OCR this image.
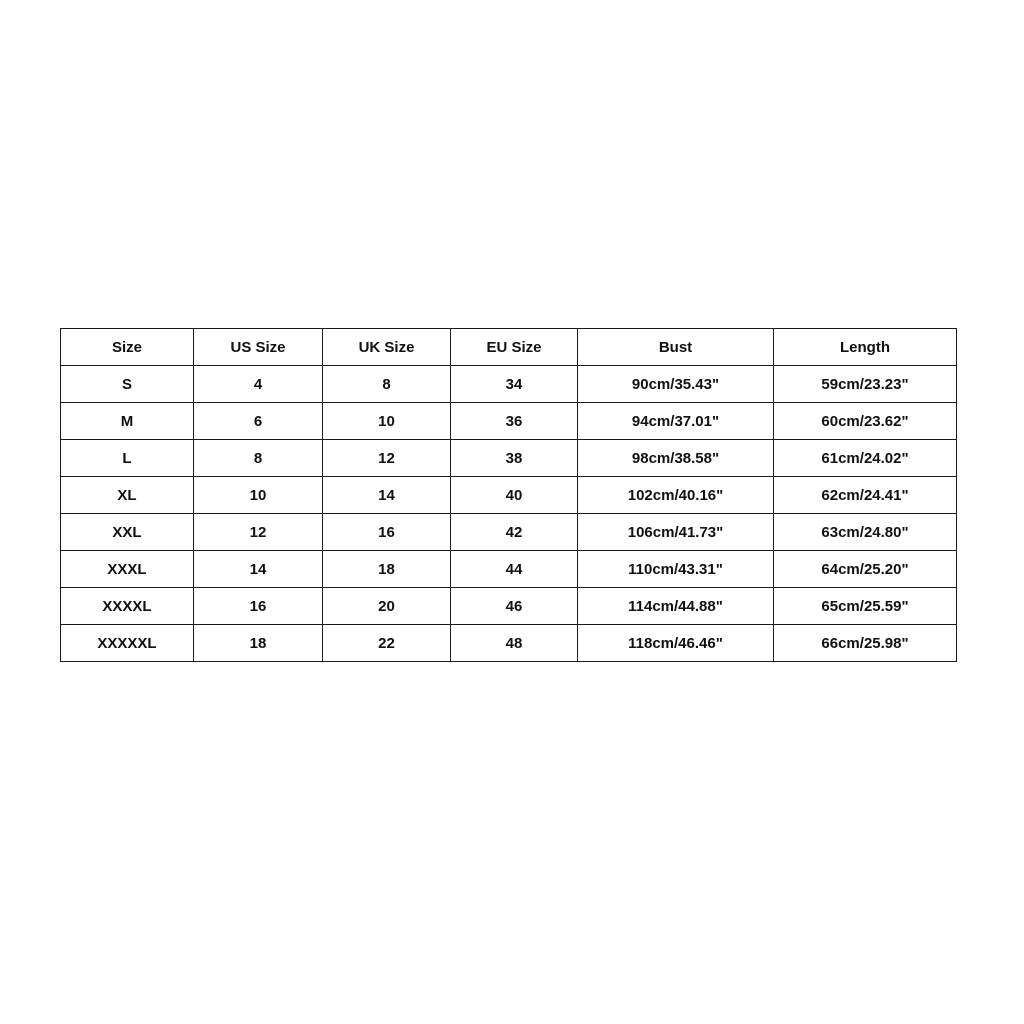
Size	US Size	UK Size	EU Size	Bust	Length
S	4	8	34	90cm/35.43"	59cm/23.23"
M	6	10	36	94cm/37.01"	60cm/23.62"
L	8	12	38	98cm/38.58"	61cm/24.02"
XL	10	14	40	102cm/40.16"	62cm/24.41"
XXL	12	16	42	106cm/41.73"	63cm/24.80"
XXXL	14	18	44	110cm/43.31"	64cm/25.20"
XXXXL	16	20	46	114cm/44.88"	65cm/25.59"
XXXXXL	18	22	48	118cm/46.46"	66cm/25.98"
